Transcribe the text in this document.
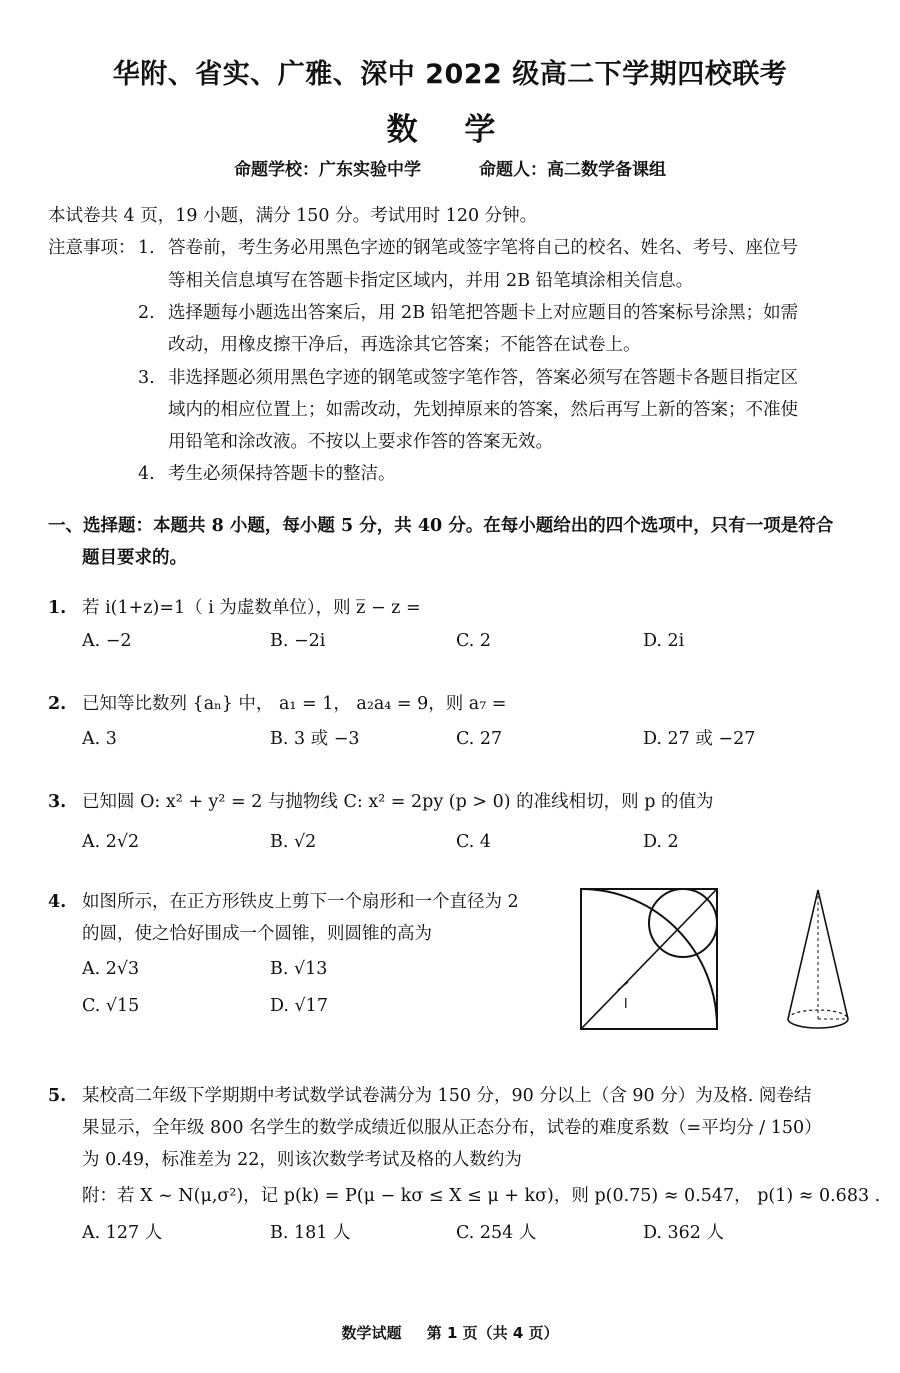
华附、省实、广雅、深中 2022 级高二下学期四校联考
数 学
命题学校：广东实验中学	命题人：高二数学备课组
本试卷共 4 页，19 小题，满分 150 分。考试用时 120 分钟。
注意事项： 1. 答卷前，考生务必用黑色字迹的钢笔或签字笔将自己的校名、姓名、考号、座位号
等相关信息填写在答题卡指定区域内，并用 2B 铅笔填涂相关信息。
2. 选择题每小题选出答案后，用 2B 铅笔把答题卡上对应题目的答案标号涂黑；如需
改动，用橡皮擦干净后，再选涂其它答案；不能答在试卷上。
3. 非选择题必须用黑色字迹的钢笔或签字笔作答，答案必须写在答题卡各题目指定区
域内的相应位置上；如需改动，先划掉原来的答案，然后再写上新的答案；不准使
用铅笔和涂改液。不按以上要求作答的答案无效。
4. 考生必须保持答题卡的整洁。
一、选择题：本题共 8 小题，每小题 5 分，共 40 分。在每小题给出的四个选项中，只有一项是符合
题目要求的。
1. 若 i(1+z)=1（ i 为虚数单位），则 z̅ − z =
A. −2	B. −2i	C. 2	D. 2i
2. 已知等比数列 {aₙ} 中， a₁ = 1， a₂a₄ = 9，则 a₇ =
A. 3	B. 3 或 −3	C. 27	D. 27 或 −27
3. 已知圆 O: x² + y² = 2 与抛物线 C: x² = 2py (p > 0) 的准线相切，则 p 的值为
A. 2√2	B. √2	C. 4	D. 2
4. 如图所示，在正方形铁皮上剪下一个扇形和一个直径为 2
的圆，使之恰好围成一个圆锥，则圆锥的高为
A. 2√3	B. √13
C. √15	D. √17	l
5. 某校高二年级下学期期中考试数学试卷满分为 150 分，90 分以上（含 90 分）为及格. 阅卷结
果显示，全年级 800 名学生的数学成绩近似服从正态分布，试卷的难度系数（=平均分 / 150）
为 0.49，标准差为 22，则该次数学考试及格的人数约为
附：若 X ~ N(μ,σ²)，记 p(k) = P(μ − kσ ≤ X ≤ μ + kσ)，则 p(0.75) ≈ 0.547， p(1) ≈ 0.683 .
A. 127 人	B. 181 人	C. 254 人	D. 362 人
数学试题 第 1 页（共 4 页）
